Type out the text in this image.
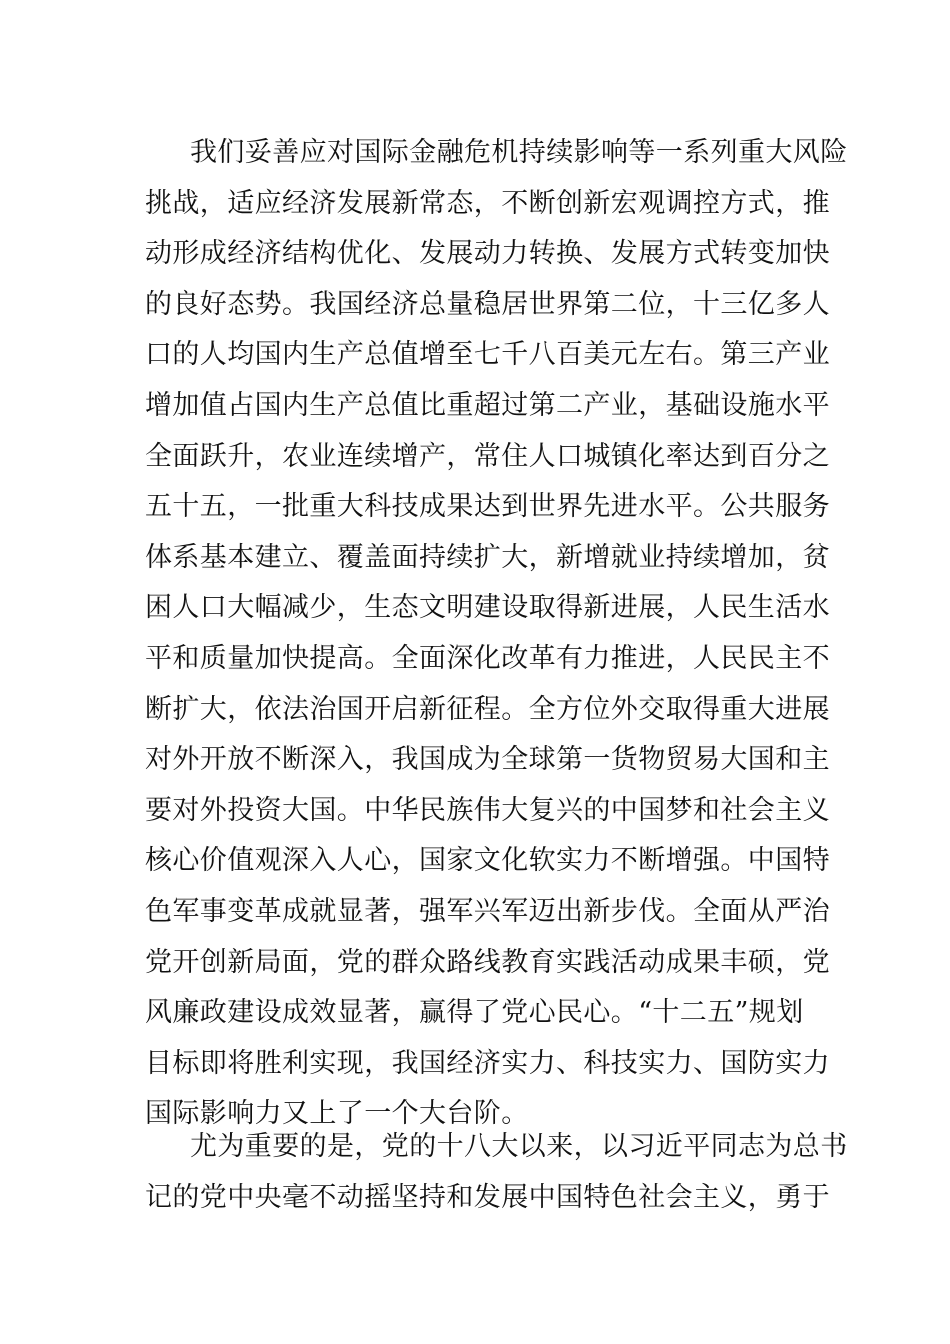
我们妥善应对国际金融危机持续影响等一系列重大风险
挑战，适应经济发展新常态，不断创新宏观调控方式，推
动形成经济结构优化、发展动力转换、发展方式转变加快
的良好态势。我国经济总量稳居世界第二位，十三亿多人
口的人均国内生产总值增至七千八百美元左右。第三产业
增加值占国内生产总值比重超过第二产业，基础设施水平
全面跃升，农业连续增产，常住人口城镇化率达到百分之
五十五，一批重大科技成果达到世界先进水平。公共服务
体系基本建立、覆盖面持续扩大，新增就业持续增加，贫
困人口大幅减少，生态文明建设取得新进展，人民生活水
平和质量加快提高。全面深化改革有力推进，人民民主不
断扩大，依法治国开启新征程。全方位外交取得重大进展
对外开放不断深入，我国成为全球第一货物贸易大国和主
要对外投资大国。中华民族伟大复兴的中国梦和社会主义
核心价值观深入人心，国家文化软实力不断增强。中国特
色军事变革成就显著，强军兴军迈出新步伐。全面从严治
党开创新局面，党的群众路线教育实践活动成果丰硕，党
风廉政建设成效显著，赢得了党心民心。“十二五”规划
目标即将胜利实现，我国经济实力、科技实力、国防实力
国际影响力又上了一个大台阶。
尤为重要的是，党的十八大以来，以习近平同志为总书
记的党中央毫不动摇坚持和发展中国特色社会主义，勇于
